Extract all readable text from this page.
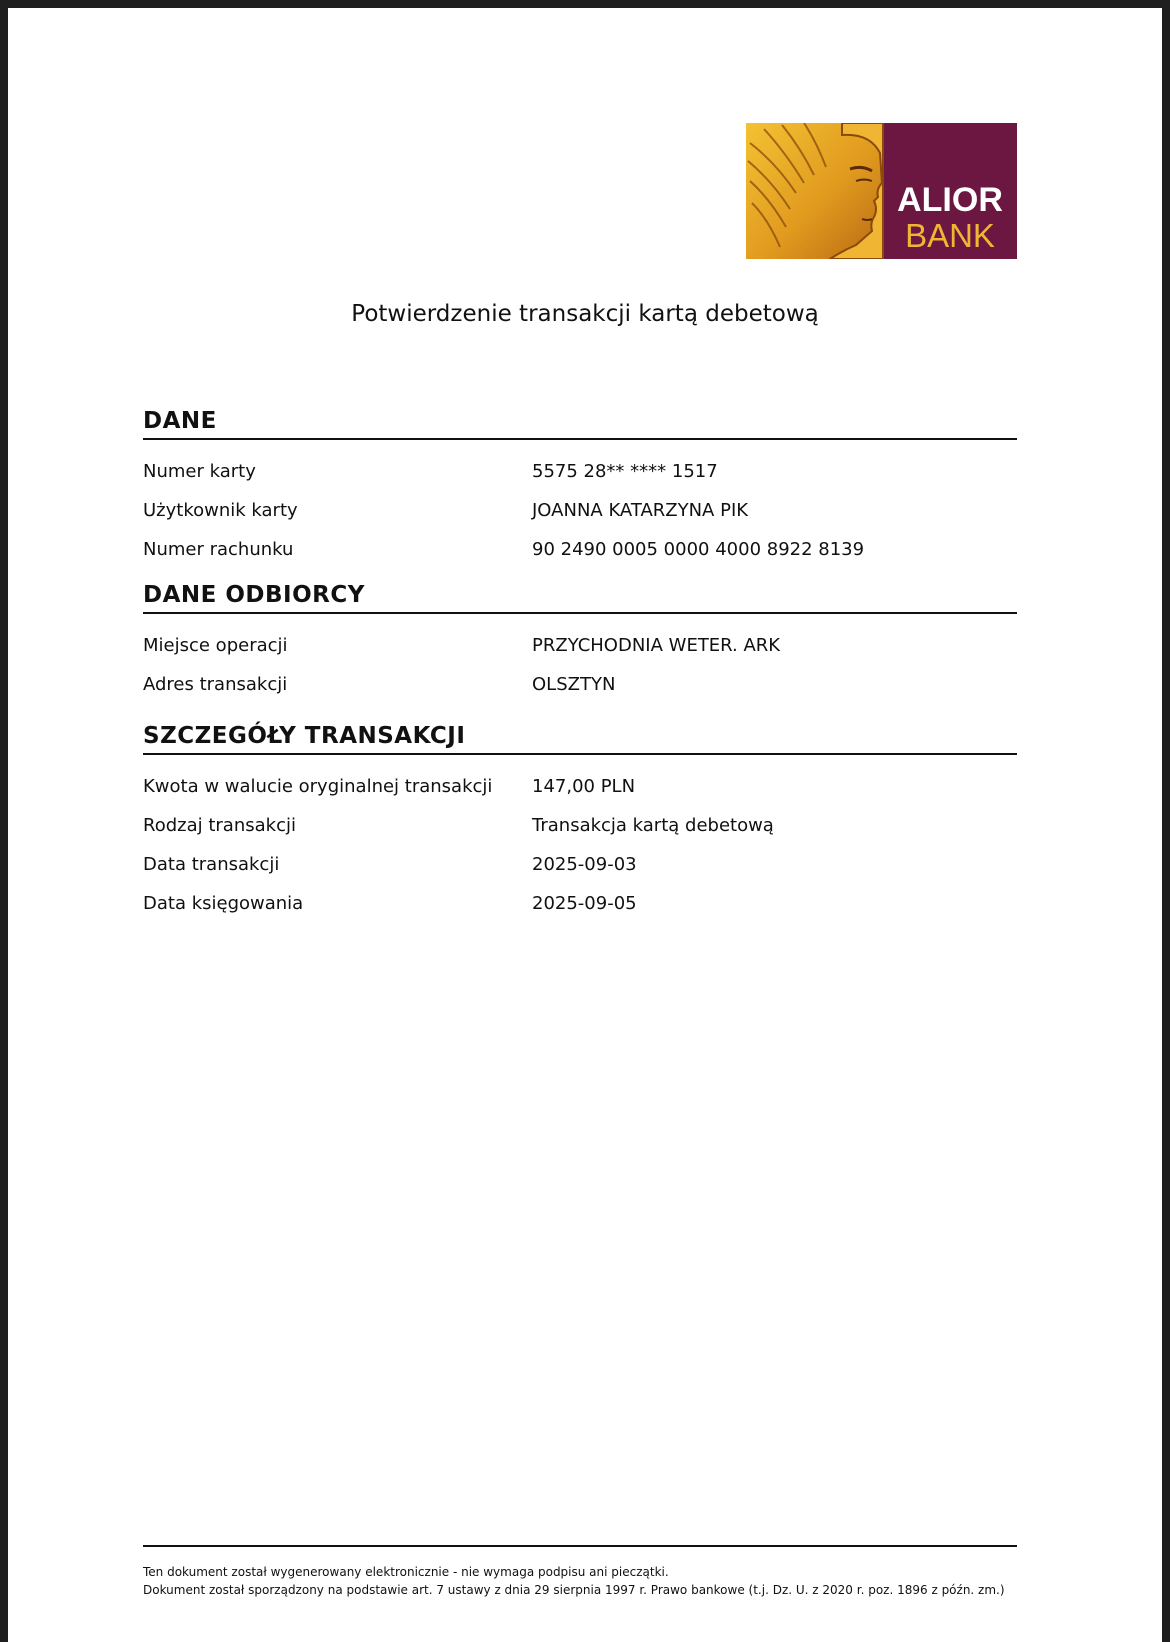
ALIOR
BANK
Potwierdzenie transakcji kartą debetową
DANE
Numer karty	5575 28** **** 1517
Użytkownik karty	JOANNA KATARZYNA PIK
Numer rachunku	90 2490 0005 0000 4000 8922 8139
DANE ODBIORCY
Miejsce operacji	PRZYCHODNIA WETER. ARK
Adres transakcji	OLSZTYN
SZCZEGÓŁY TRANSAKCJI
Kwota w walucie oryginalnej transakcji	147,00 PLN
Rodzaj transakcji	Transakcja kartą debetową
Data transakcji	2025-09-03
Data księgowania	2025-09-05
Ten dokument został wygenerowany elektronicznie - nie wymaga podpisu ani pieczątki.
Dokument został sporządzony na podstawie art. 7 ustawy z dnia 29 sierpnia 1997 r. Prawo bankowe (t.j. Dz. U. z 2020 r. poz. 1896 z późn. zm.)
